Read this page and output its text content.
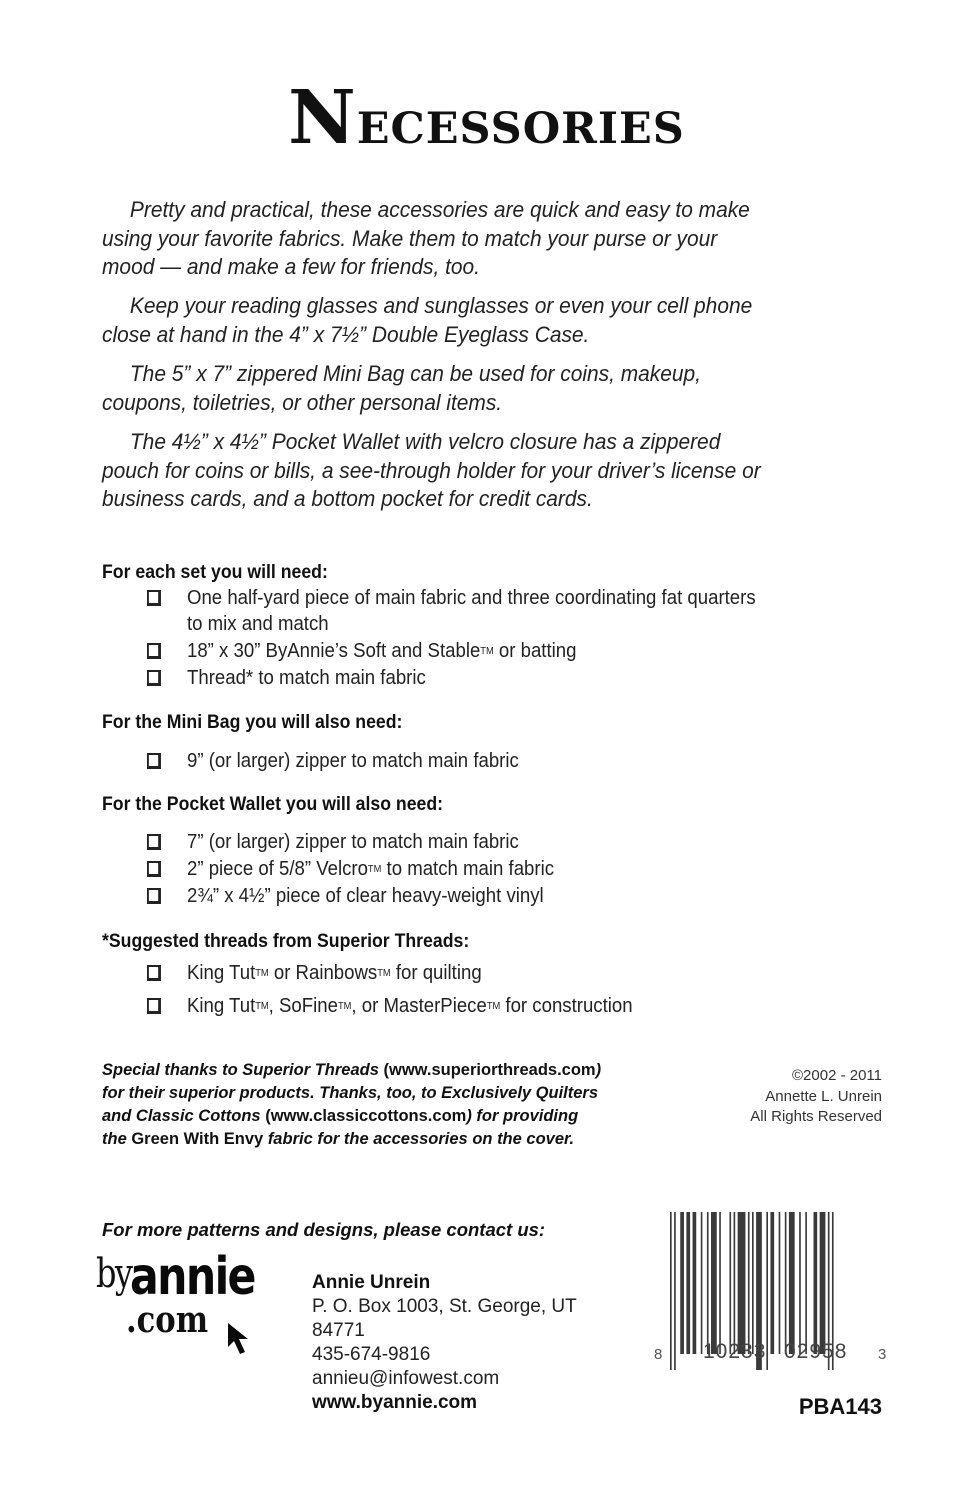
Necessories

Pretty and practical, these accessories are quick and easy to make

using your favorite fabrics. Make them to match your purse or your

mood — and make a few for friends, too.

Keep your reading glasses and sunglasses or even your cell phone

close at hand in the 4” x 7½” Double Eyeglass Case.

The 5” x 7” zippered Mini Bag can be used for coins, makeup,

coupons, toiletries, or other personal items.

The 4½” x 4½” Pocket Wallet with velcro closure has a zippered

pouch for coins or bills, a see-through holder for your driver’s license or

business cards, and a bottom pocket for credit cards.

For each set you will need:
One half-yard piece of main fabric and three coordinating fat quarters
to mix and match
18” x 30” ByAnnie’s Soft and StableTM or batting
Thread* to match main fabric
For the Mini Bag you will also need:
9” (or larger) zipper to match main fabric
For the Pocket Wallet you will also need:
7” (or larger) zipper to match main fabric
2” piece of 5/8” VelcroTM to match main fabric
2¾” x 4½” piece of clear heavy-weight vinyl
*Suggested threads from Superior Threads:
King TutTM or RainbowsTM for quilting
King TutTM, SoFineTM, or MasterPieceTM for construction
Special thanks to Superior Threads (www.superiorthreads.com)
for their superior products. Thanks, too, to Exclusively Quilters
and Classic Cottons (www.classiccottons.com) for providing
the Green With Envy fabric for the accessories on the cover.
©2002 - 2011
Annette L. Unrein
All Rights Reserved
For more patterns and designs, please contact us:
by
annie
.com
Annie Unrein
P. O. Box 1003, St. George, UT
84771
435-674-9816
annieu@infowest.com
www.byannie.com
8 10233 02958 3
PBA143
